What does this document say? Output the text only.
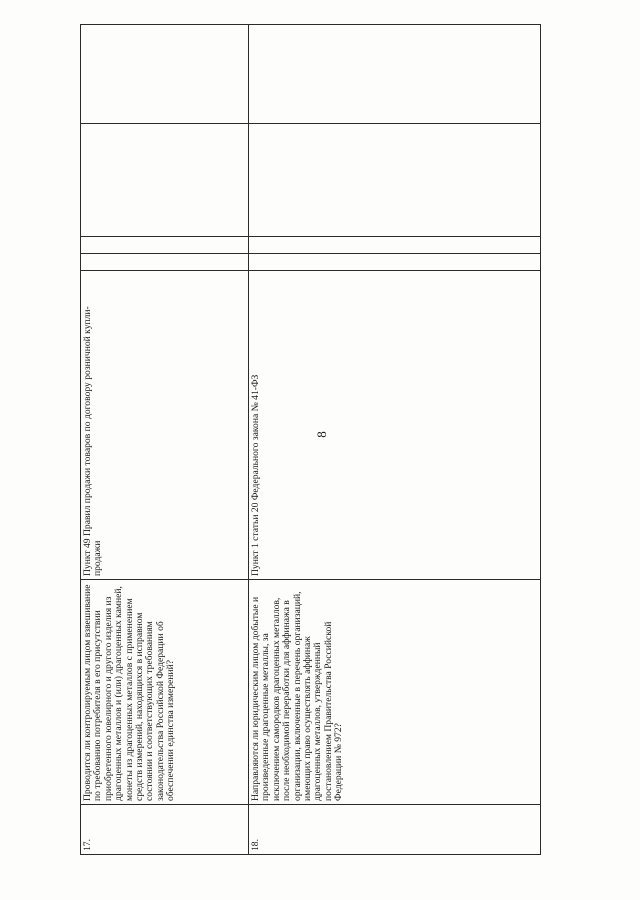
8
17.	Проводится ли контролируемым лицом взвешивание по требованию потребителя в его присутствии приобретенного ювелирного и другого изделия из драгоценных металлов и (или) драгоценных камней, монеты из драгоценных металлов с применением средств измерений, находящихся в исправном состоянии и соответствующих требованиям законодательства Российской Федерации об обеспечении единства измерений?	Пункт 49 Правил продажи товаров по договору розничной купли-продажи				
18.	Направляются ли юридическим лицом добытые и произведенные драгоценные металлы, за исключением самородков драгоценных металлов, после необходимой переработки для аффинажа в организации, включенные в перечень организаций, имеющих право осуществлять аффинаж драгоценных металлов, утвержденный постановлением Правительства Российской Федерации № 972?	Пункт 1 статьи 20 Федерального закона № 41-ФЗ				
